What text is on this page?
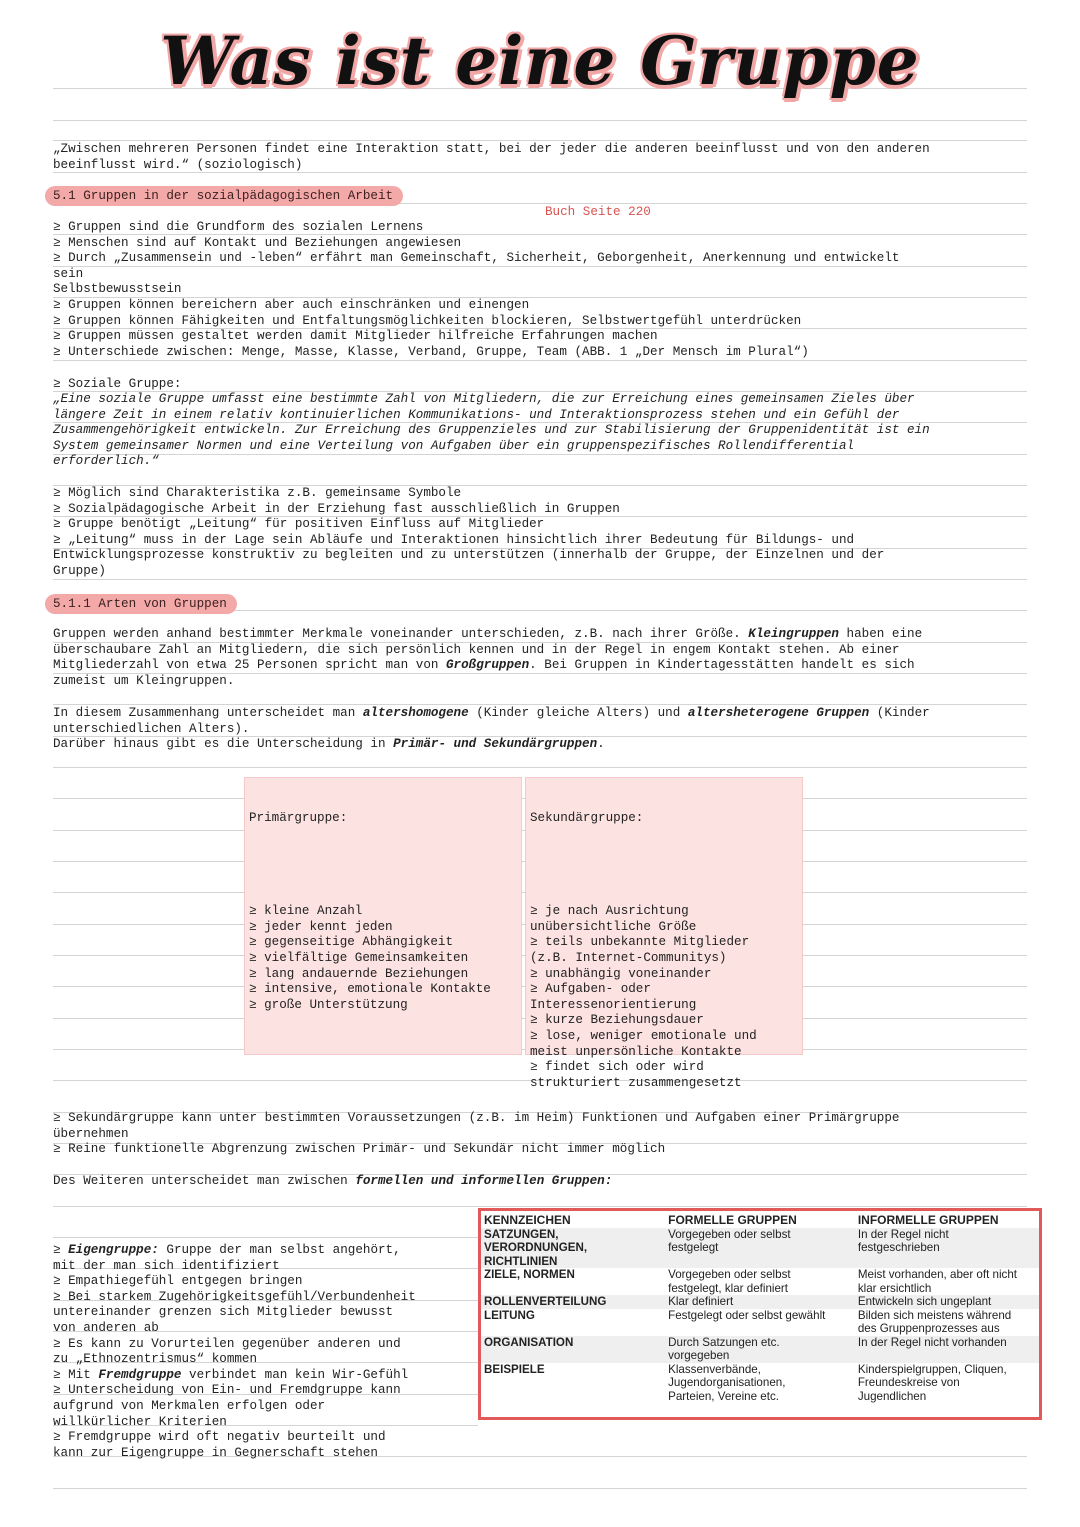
Was ist eine Gruppe
„Zwischen mehreren Personen findet eine Interaktion statt, bei der jeder die anderen beeinflusst und von den anderen
beeinflusst wird.“ (soziologisch)
5.1 Gruppen in der sozialpädagogischen Arbeit
Buch Seite 220
≥ Gruppen sind die Grundform des sozialen Lernens
≥ Menschen sind auf Kontakt und Beziehungen angewiesen
≥ Durch „Zusammensein und -leben“ erfährt man Gemeinschaft, Sicherheit, Geborgenheit, Anerkennung und entwickelt
sein
Selbstbewusstsein
≥ Gruppen können bereichern aber auch einschränken und einengen
≥ Gruppen können Fähigkeiten und Entfaltungsmöglichkeiten blockieren, Selbstwertgefühl unterdrücken
≥ Gruppen müssen gestaltet werden damit Mitglieder hilfreiche Erfahrungen machen
≥ Unterschiede zwischen: Menge, Masse, Klasse, Verband, Gruppe, Team (ABB. 1 „Der Mensch im Plural“)
≥ Soziale Gruppe:
„Eine soziale Gruppe umfasst eine bestimmte Zahl von Mitgliedern, die zur Erreichung eines gemeinsamen Zieles über
längere Zeit in einem relativ kontinuierlichen Kommunikations- und Interaktionsprozess stehen und ein Gefühl der
Zusammengehörigkeit entwickeln. Zur Erreichung des Gruppenzieles und zur Stabilisierung der Gruppenidentität ist ein
System gemeinsamer Normen und eine Verteilung von Aufgaben über ein gruppenspezifisches Rollendifferential
erforderlich.“
≥ Möglich sind Charakteristika z.B. gemeinsame Symbole
≥ Sozialpädagogische Arbeit in der Erziehung fast ausschließlich in Gruppen
≥ Gruppe benötigt „Leitung“ für positiven Einfluss auf Mitglieder
≥ „Leitung“ muss in der Lage sein Abläufe und Interaktionen hinsichtlich ihrer Bedeutung für Bildungs- und
Entwicklungsprozesse konstruktiv zu begleiten und zu unterstützen (innerhalb der Gruppe, der Einzelnen und der
Gruppe)
5.1.1 Arten von Gruppen
Gruppen werden anhand bestimmter Merkmale voneinander unterschieden, z.B. nach ihrer Größe. Kleingruppen haben eine
überschaubare Zahl an Mitgliedern, die sich persönlich kennen und in der Regel in engem Kontakt stehen. Ab einer
Mitgliederzahl von etwa 25 Personen spricht man von Großgruppen. Bei Gruppen in Kindertagesstätten handelt es sich
zumeist um Kleingruppen.
In diesem Zusammenhang unterscheidet man altershomogene (Kinder gleiche Alters) und altersheterogene Gruppen (Kinder
unterschiedlichen Alters).
Darüber hinaus gibt es die Unterscheidung in Primär- und Sekundärgruppen.

Primärgruppe:

≥ kleine Anzahl
≥ jeder kennt jeden
≥ gegenseitige Abhängigkeit
≥ vielfältige Gemeinsamkeiten
≥ lang andauernde Beziehungen
≥ intensive, emotionale Kontakte
≥ große Unterstützung

Sekundärgruppe:

≥ je nach Ausrichtung
unübersichtliche Größe
≥ teils unbekannte Mitglieder
(z.B. Internet-Communitys)
≥ unabhängig voneinander
≥ Aufgaben- oder
Interessenorientierung
≥ kurze Beziehungsdauer
≥ lose, weniger emotionale und
meist unpersönliche Kontakte
≥ findet sich oder wird
strukturiert zusammengesetzt

≥ Sekundärgruppe kann unter bestimmten Voraussetzungen (z.B. im Heim) Funktionen und Aufgaben einer Primärgruppe
übernehmen
≥ Reine funktionelle Abgrenzung zwischen Primär- und Sekundär nicht immer möglich
Des Weiteren unterscheidet man zwischen formellen und informellen Gruppen:
≥ Eigengruppe: Gruppe der man selbst angehört,
mit der man sich identifiziert
≥ Empathiegefühl entgegen bringen
≥ Bei starkem Zugehörigkeitsgefühl/Verbundenheit
untereinander grenzen sich Mitglieder bewusst
von anderen ab
≥ Es kann zu Vorurteilen gegenüber anderen und
zu „Ethnozentrismus“ kommen
≥ Mit Fremdgruppe verbindet man kein Wir-Gefühl
≥ Unterscheidung von Ein- und Fremdgruppe kann
aufgrund von Merkmalen erfolgen oder
willkürlicher Kriterien
≥ Fremdgruppe wird oft negativ beurteilt und
kann zur Eigengruppe in Gegnerschaft stehen
KENNZEICHEN	FORMELLE GRUPPEN	INFORMELLE GRUPPEN
SATZUNGEN,
VERORDNUNGEN,
RICHTLINIEN	Vorgegeben oder selbst
festgelegt	In der Regel nicht
festgeschrieben
ZIELE, NORMEN	Vorgegeben oder selbst
festgelegt, klar definiert	Meist vorhanden, aber oft nicht
klar ersichtlich
ROLLENVERTEILUNG	Klar definiert	Entwickeln sich ungeplant
LEITUNG	Festgelegt oder selbst gewählt	Bilden sich meistens während
des Gruppenprozesses aus
ORGANISATION	Durch Satzungen etc.
vorgegeben	In der Regel nicht vorhanden
BEISPIELE	Klassenverbände,
Jugendorganisationen,
Parteien, Vereine etc.	Kinderspielgruppen, Cliquen,
Freundeskreise von
Jugendlichen
